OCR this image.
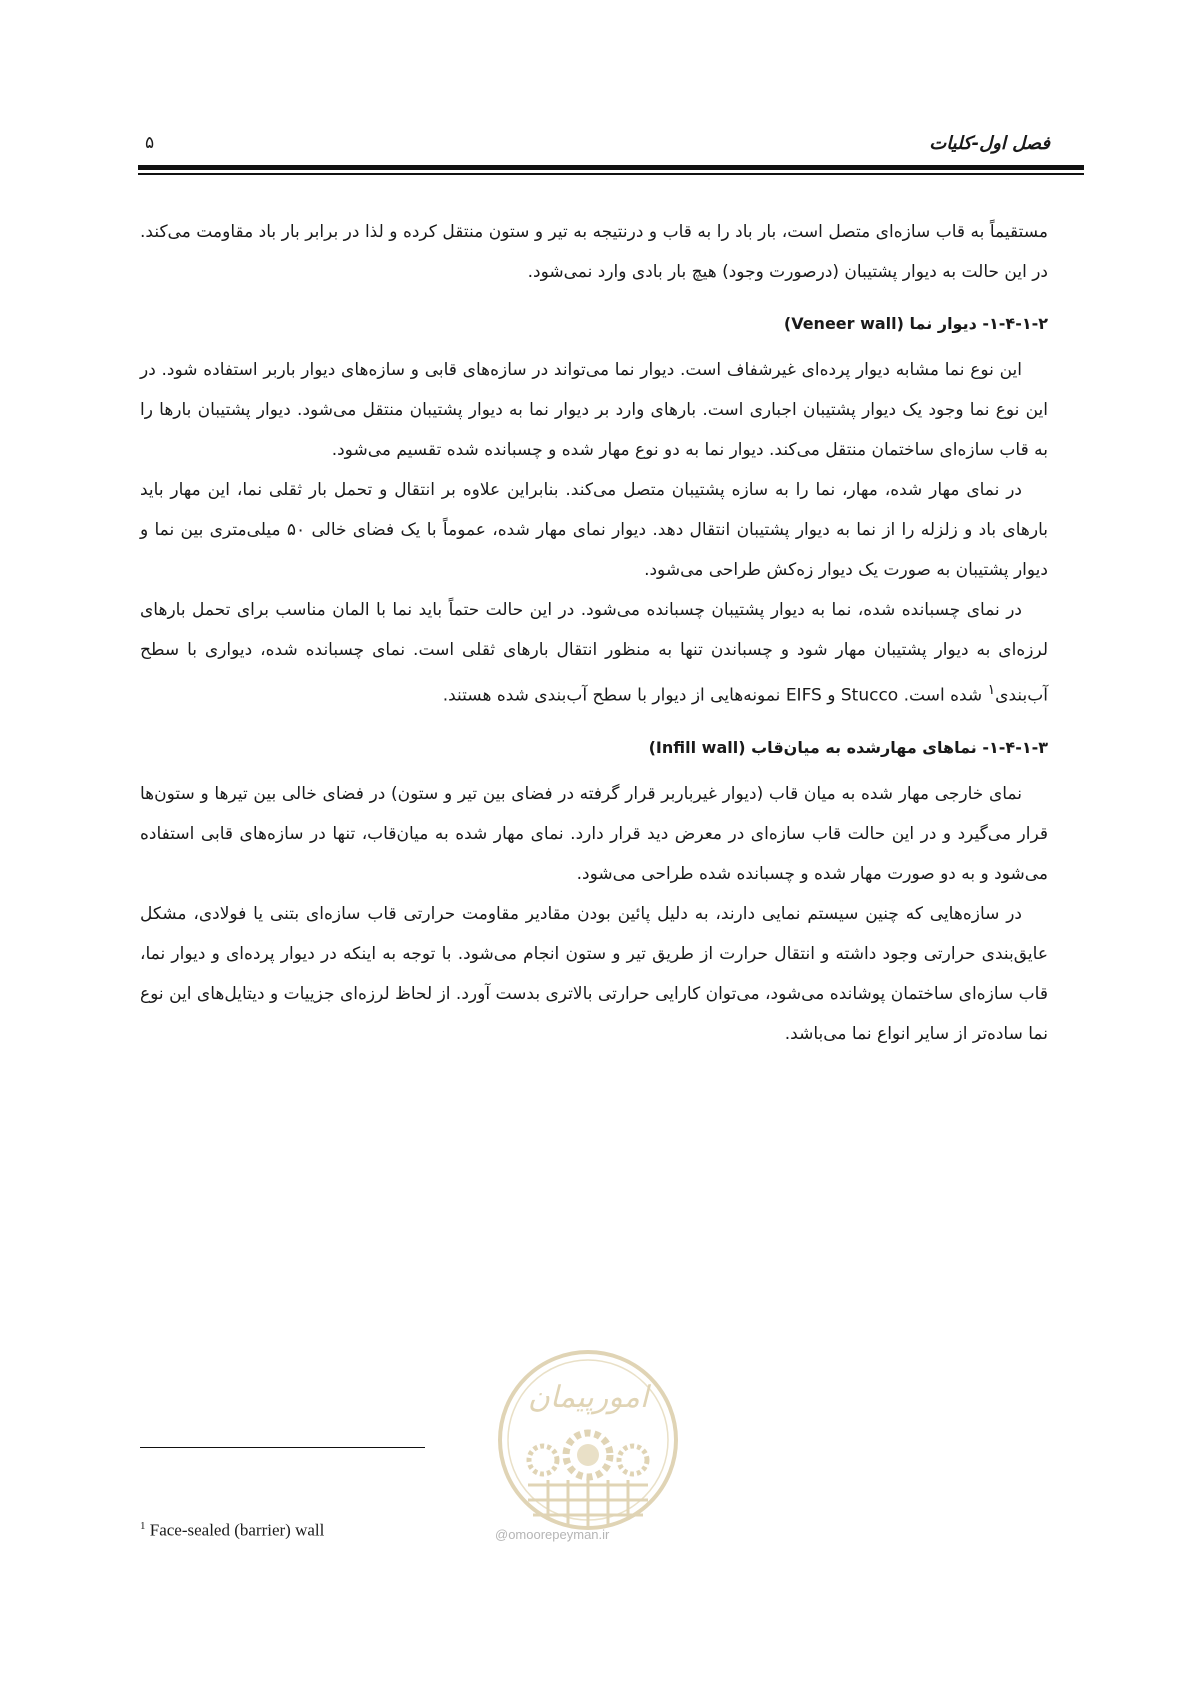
فصل اول-کلیات
۵

مستقیماً به قاب سازه‌ای متصل است، بار باد را به قاب و درنتیجه به تیر و ستون منتقل کرده و لذا در برابر بار باد مقاومت می‌کند. در این حالت به دیوار پشتیبان (درصورت وجود) هیچ بار بادی وارد نمی‌شود.

۱-۴-۱-۲- دیوار نما (Veneer wall)

این نوع نما مشابه دیوار پرده‌ای غیرشفاف است. دیوار نما می‌تواند در سازه‌های قابی و سازه‌های دیوار باربر استفاده شود. در این نوع نما وجود یک دیوار پشتیبان اجباری است. بارهای وارد بر دیوار نما به دیوار پشتیبان منتقل می‌شود. دیوار پشتیبان بارها را به قاب سازه‌ای ساختمان منتقل می‌کند. دیوار نما به دو نوع مهار شده و چسبانده شده تقسیم می‌شود.

در نمای مهار شده، مهار، نما را به سازه پشتیبان متصل می‌کند. بنابراین علاوه بر انتقال و تحمل بار ثقلی نما، این مهار باید بارهای باد و زلزله را از نما به دیوار پشتیبان انتقال دهد. دیوار نمای مهار شده، عموماً با یک فضای خالی ۵۰ میلی‌متری بین نما و دیوار پشتیبان به صورت یک دیوار زه‌کش طراحی می‌شود.

در نمای چسبانده شده، نما به دیوار پشتیبان چسبانده می‌شود. در این حالت حتماً باید نما با المان مناسب برای تحمل بارهای لرزه‌ای به دیوار پشتیبان مهار شود و چسباندن تنها به منظور انتقال بارهای ثقلی است. نمای چسبانده شده، دیواری با سطح آب‌بندی$^۱$ شده است. Stucco و EIFS نمونه‌هایی از دیوار با سطح آب‌بندی شده هستند.

۱-۴-۱-۳- نماهای مهارشده به میان‌قاب (Infill wall)

نمای خارجی مهار شده به میان قاب (دیوار غیرباربر قرار گرفته در فضای بین تیر و ستون) در فضای خالی بین تیرها و ستون‌ها قرار می‌گیرد و در این حالت قاب سازه‌ای در معرض دید قرار دارد. نمای مهار شده به میان‌قاب، تنها در سازه‌های قابی استفاده می‌شود و به دو صورت مهار شده و چسبانده شده طراحی می‌شود.

در سازه‌هایی که چنین سیستم نمایی دارند، به دلیل پائین بودن مقادیر مقاومت حرارتی قاب سازه‌ای بتنی یا فولادی، مشکل عایق‌بندی حرارتی وجود داشته و انتقال حرارت از طریق تیر و ستون انجام می‌شود. با توجه به اینکه در دیوار پرده‌ای و دیوار نما، قاب سازه‌ای ساختمان پوشانده می‌شود، می‌توان کارایی حرارتی بالاتری بدست آورد. از لحاظ لرزه‌ای جزییات و دیتایل‌های این نوع نما ساده‌تر از سایر انواع نما می‌باشد.

امورپیمان
@omoorepeyman.ir
$^1$ Face-sealed (barrier) wall
